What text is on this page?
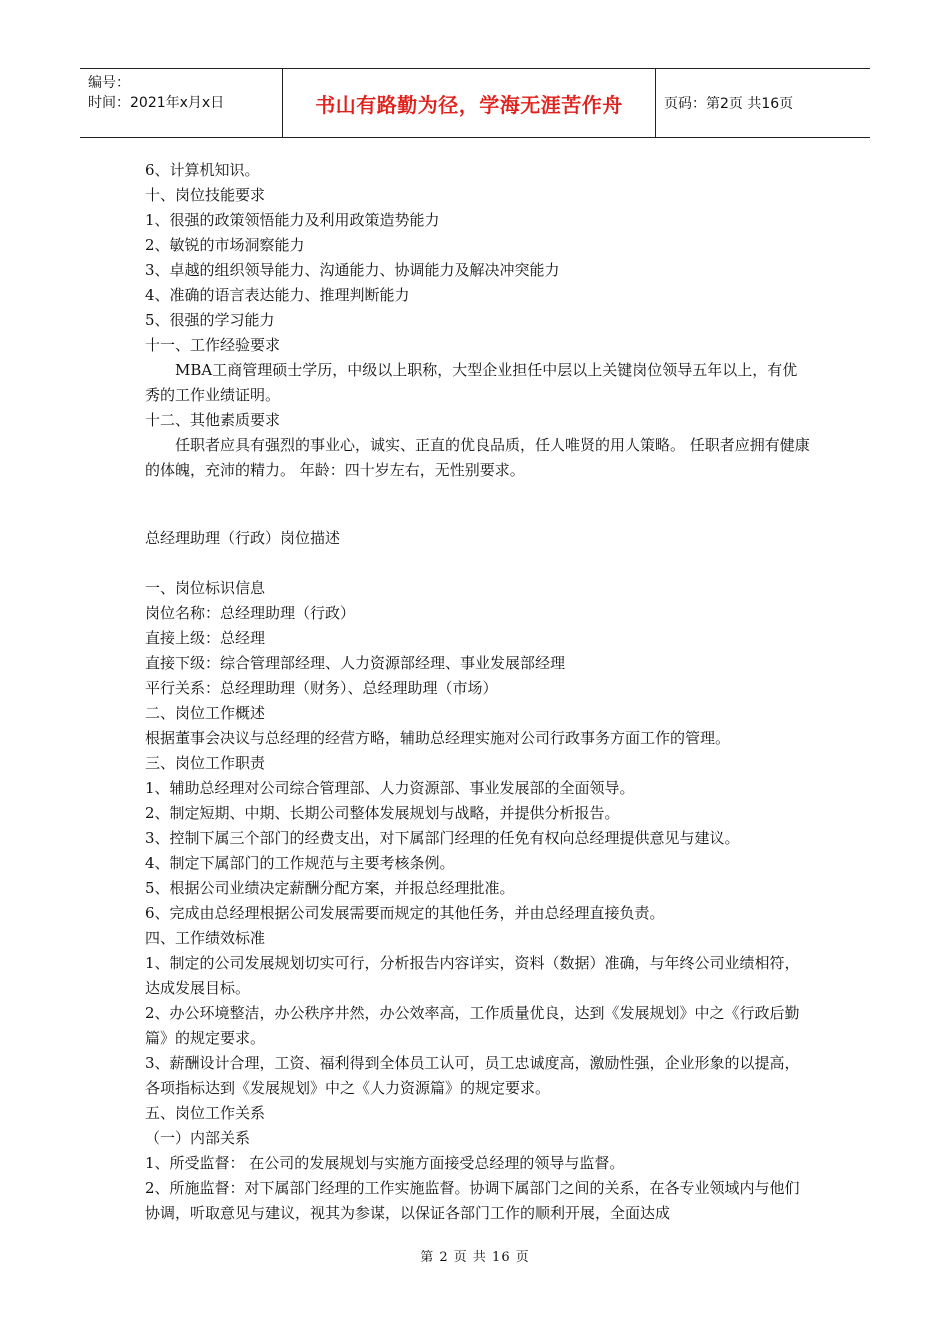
编号：
时间：2021年x月x日	书山有路勤为径，学海无涯苦作舟	页码：第2页 共16页

6、计算机知识。

十、岗位技能要求

1、很强的政策领悟能力及利用政策造势能力

2、敏锐的市场洞察能力

3、卓越的组织领导能力、沟通能力、协调能力及解决冲突能力

4、准确的语言表达能力、推理判断能力

5、很强的学习能力

十一、工作经验要求

MBA工商管理硕士学历，中级以上职称，大型企业担任中层以上关键岗位领导五年以上，有优秀的工作业绩证明。

十二、其他素质要求

任职者应具有强烈的事业心，诚实、正直的优良品质，任人唯贤的用人策略。 任职者应拥有健康的体魄，充沛的精力。 年龄：四十岁左右，无性别要求。

总经理助理（行政）岗位描述

一、岗位标识信息

岗位名称：总经理助理（行政）

直接上级：总经理

直接下级：综合管理部经理、人力资源部经理、事业发展部经理

平行关系：总经理助理（财务）、总经理助理（市场）

二、岗位工作概述

根据董事会决议与总经理的经营方略，辅助总经理实施对公司行政事务方面工作的管理。

三、岗位工作职责

1、辅助总经理对公司综合管理部、人力资源部、事业发展部的全面领导。

2、制定短期、中期、长期公司整体发展规划与战略，并提供分析报告。

3、控制下属三个部门的经费支出，对下属部门经理的任免有权向总经理提供意见与建议。

4、制定下属部门的工作规范与主要考核条例。

5、根据公司业绩决定薪酬分配方案，并报总经理批准。

6、完成由总经理根据公司发展需要而规定的其他任务，并由总经理直接负责。

四、工作绩效标准

1、制定的公司发展规划切实可行，分析报告内容详实，资料（数据）准确，与年终公司业绩相符，达成发展目标。

2、办公环境整洁，办公秩序井然，办公效率高，工作质量优良，达到《发展规划》中之《行政后勤篇》的规定要求。

3、薪酬设计合理，工资、福利得到全体员工认可，员工忠诚度高，激励性强，企业形象的以提高，各项指标达到《发展规划》中之《人力资源篇》的规定要求。

五、岗位工作关系

（一）内部关系

1、所受监督： 在公司的发展规划与实施方面接受总经理的领导与监督。

2、所施监督：对下属部门经理的工作实施监督。协调下属部门之间的关系，在各专业领域内与他们协调，听取意见与建议，视其为参谋，以保证各部门工作的顺利开展，全面达成

第 2 页 共 16 页
